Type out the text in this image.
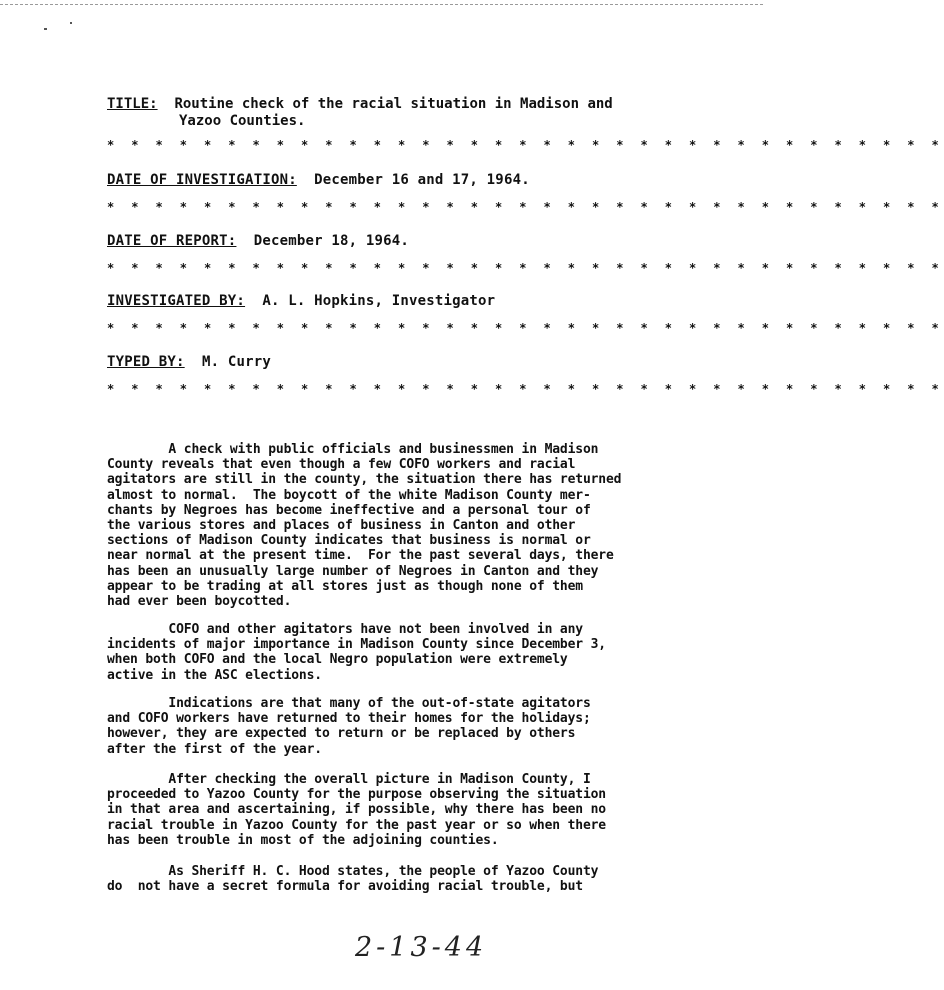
TITLE: Routine check of the racial situation in Madison and
Yazoo Counties.
* * * * * * * * * * * * * * * * * * * * * * * * * * * * * * * * * * *
DATE OF INVESTIGATION: December 16 and 17, 1964.
* * * * * * * * * * * * * * * * * * * * * * * * * * * * * * * * * * *
DATE OF REPORT: December 18, 1964.
* * * * * * * * * * * * * * * * * * * * * * * * * * * * * * * * * * *
INVESTIGATED BY: A. L. Hopkins, Investigator
* * * * * * * * * * * * * * * * * * * * * * * * * * * * * * * * * * *
TYPED BY: M. Curry
* * * * * * * * * * * * * * * * * * * * * * * * * * * * * * * * * * *
A check with public officials and businessmen in Madison
County reveals that even though a few COFO workers and racial
agitators are still in the county, the situation there has returned
almost to normal.  The boycott of the white Madison County mer-
chants by Negroes has become ineffective and a personal tour of
the various stores and places of business in Canton and other
sections of Madison County indicates that business is normal or
near normal at the present time.  For the past several days, there
has been an unusually large number of Negroes in Canton and they
appear to be trading at all stores just as though none of them
had ever been boycotted.
COFO and other agitators have not been involved in any
incidents of major importance in Madison County since December 3,
when both COFO and the local Negro population were extremely
active in the ASC elections.
Indications are that many of the out-of-state agitators
and COFO workers have returned to their homes for the holidays;
however, they are expected to return or be replaced by others
after the first of the year.
After checking the overall picture in Madison County, I
proceeded to Yazoo County for the purpose observing the situation
in that area and ascertaining, if possible, why there has been no
racial trouble in Yazoo County for the past year or so when there
has been trouble in most of the adjoining counties.
As Sheriff H. C. Hood states, the people of Yazoo County
do  not have a secret formula for avoiding racial trouble, but
2-13-44
